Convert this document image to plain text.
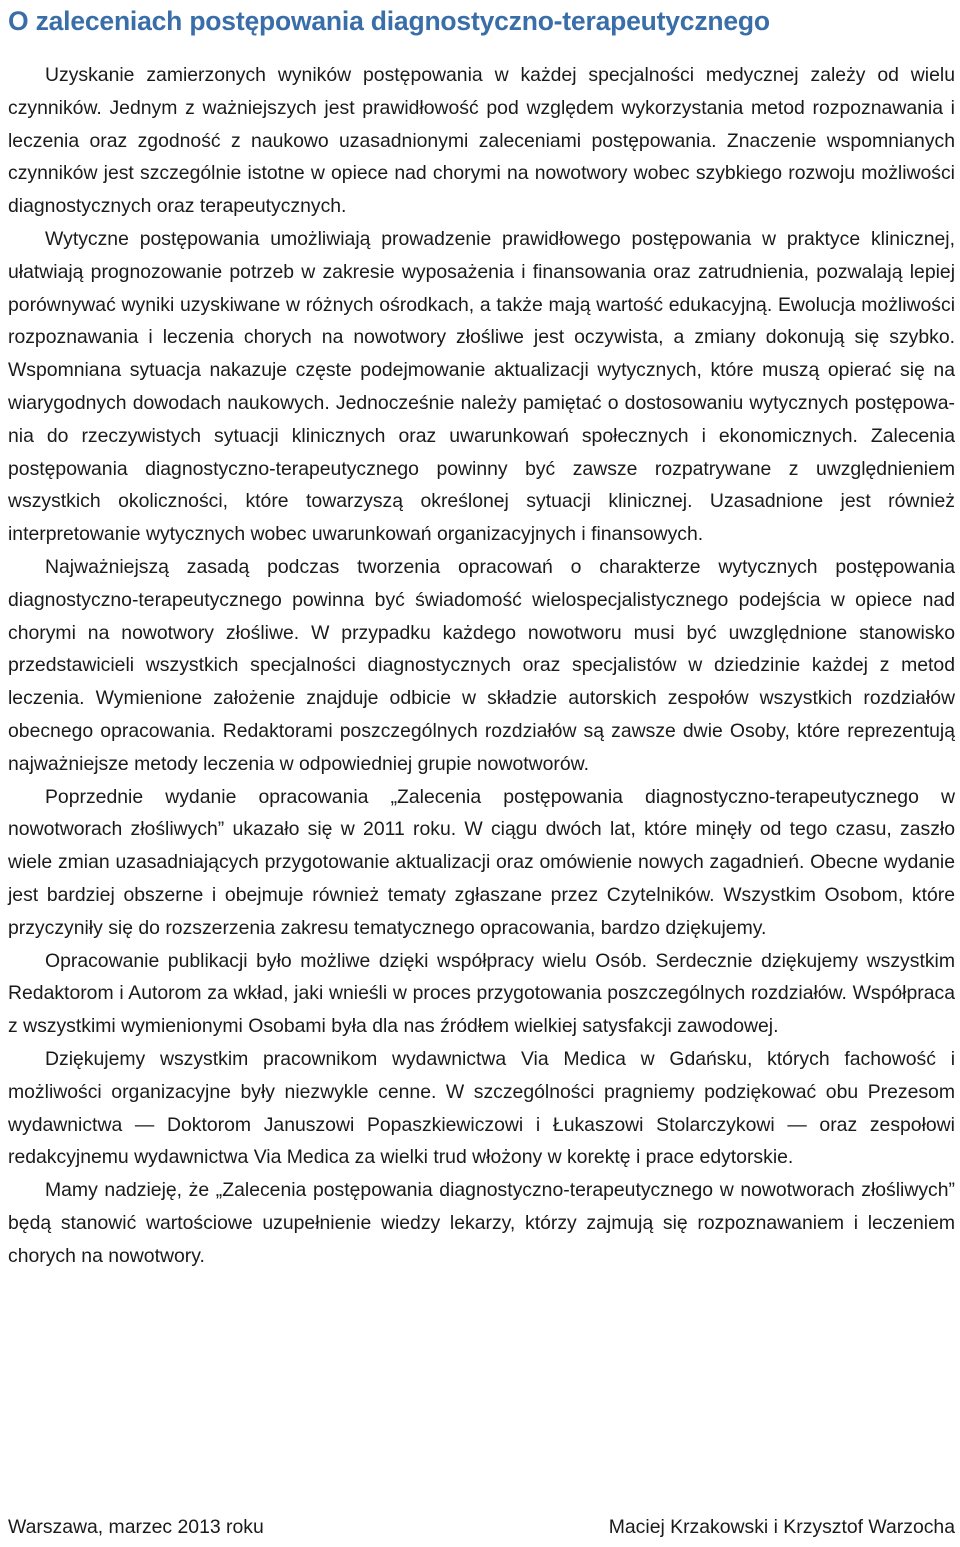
O zaleceniach postępowania diagnostyczno-terapeutycznego

Uzyskanie zamierzonych wyników postępowania w każdej specjalności medycznej zależy od wielu czynników. Jednym z ważniejszych jest prawidłowość pod względem wykorzystania metod rozpoznawania i leczenia oraz zgodność z naukowo uzasadnionymi zaleceniami postępowania. Znaczenie wspomnianych czynników jest szczególnie istotne w opiece nad chorymi na nowotwory wobec szybkiego rozwoju możliwości diagnostycznych oraz terapeutycznych.

Wytyczne postępowania umożliwiają prowadzenie prawidłowego postępowania w praktyce klinicznej, ułatwiają prognozowanie potrzeb w zakresie wyposażenia i finansowania oraz zatrudnienia, pozwalają lepiej porównywać wyniki uzyskiwane w różnych ośrodkach, a także mają wartość edukacyjną. Ewolucja możliwości rozpoznawania i leczenia chorych na nowotwory złośliwe jest oczywista, a zmiany dokonują się szybko. Wspomniana sytuacja nakazuje częste podejmowanie aktualizacji wytycznych, które muszą opierać się na wiarygodnych dowodach naukowych. Jednocześnie należy pamiętać o dostosowaniu wytycznych postępowania do rzeczywistych sytuacji klinicznych oraz uwarunkowań społecznych i ekonomicznych. Zalecenia postępowania diagnostyczno-terapeutycznego powinny być zawsze rozpatrywane z uwzględnieniem wszystkich okoliczności, które towarzyszą określonej sytuacji klinicznej. Uzasadnione jest również interpretowanie wytycznych wobec uwarunkowań organizacyjnych i finansowych.

Najważniejszą zasadą podczas tworzenia opracowań o charakterze wytycznych postępowania diagnostyczno-terapeutycznego powinna być świadomość wielospecjalistycznego podejścia w opiece nad chorymi na nowotwory złośliwe. W przypadku każdego nowotworu musi być uwzględnione stanowisko przedstawicieli wszystkich specjalności diagnostycznych oraz specjalistów w dziedzinie każdej z metod leczenia. Wymienione założenie znajduje odbicie w składzie autorskich zespołów wszystkich rozdziałów obecnego opracowania. Redaktorami poszczególnych rozdziałów są zawsze dwie Osoby, które reprezentują najważniejsze metody leczenia w odpowiedniej grupie nowotworów.

Poprzednie wydanie opracowania „Zalecenia postępowania diagnostyczno-terapeutycznego w nowotworach złośliwych” ukazało się w 2011 roku. W ciągu dwóch lat, które minęły od tego czasu, zaszło wiele zmian uzasadniających przygotowanie aktualizacji oraz omówienie nowych zagadnień. Obecne wydanie jest bardziej obszerne i obejmuje również tematy zgłaszane przez Czytelników. Wszystkim Osobom, które przyczyniły się do rozszerzenia zakresu tematycznego opracowania, bardzo dziękujemy.

Opracowanie publikacji było możliwe dzięki współpracy wielu Osób. Serdecznie dziękujemy wszystkim Redaktorom i Autorom za wkład, jaki wnieśli w proces przygotowania poszczególnych rozdziałów. Współpraca z wszystkimi wymienionymi Osobami była dla nas źródłem wielkiej satysfakcji zawodowej.

Dziękujemy wszystkim pracownikom wydawnictwa Via Medica w Gdańsku, których fachowość i możliwości organizacyjne były niezwykle cenne. W szczególności pragniemy podziękować obu Prezesom wydawnictwa — Doktorom Januszowi Popaszkiewiczowi i Łukaszowi Stolarczykowi — oraz zespołowi redakcyjnemu wydawnictwa Via Medica za wielki trud włożony w korektę i prace edytorskie.

Mamy nadzieję, że „Zalecenia postępowania diagnostyczno-terapeutycznego w nowotworach złośliwych” będą stanowić wartościowe uzupełnienie wiedzy lekarzy, którzy zajmują się rozpoznawaniem i leczeniem chorych na nowotwory.

Warszawa, marzec 2013 roku	Maciej Krzakowski i Krzysztof Warzocha
